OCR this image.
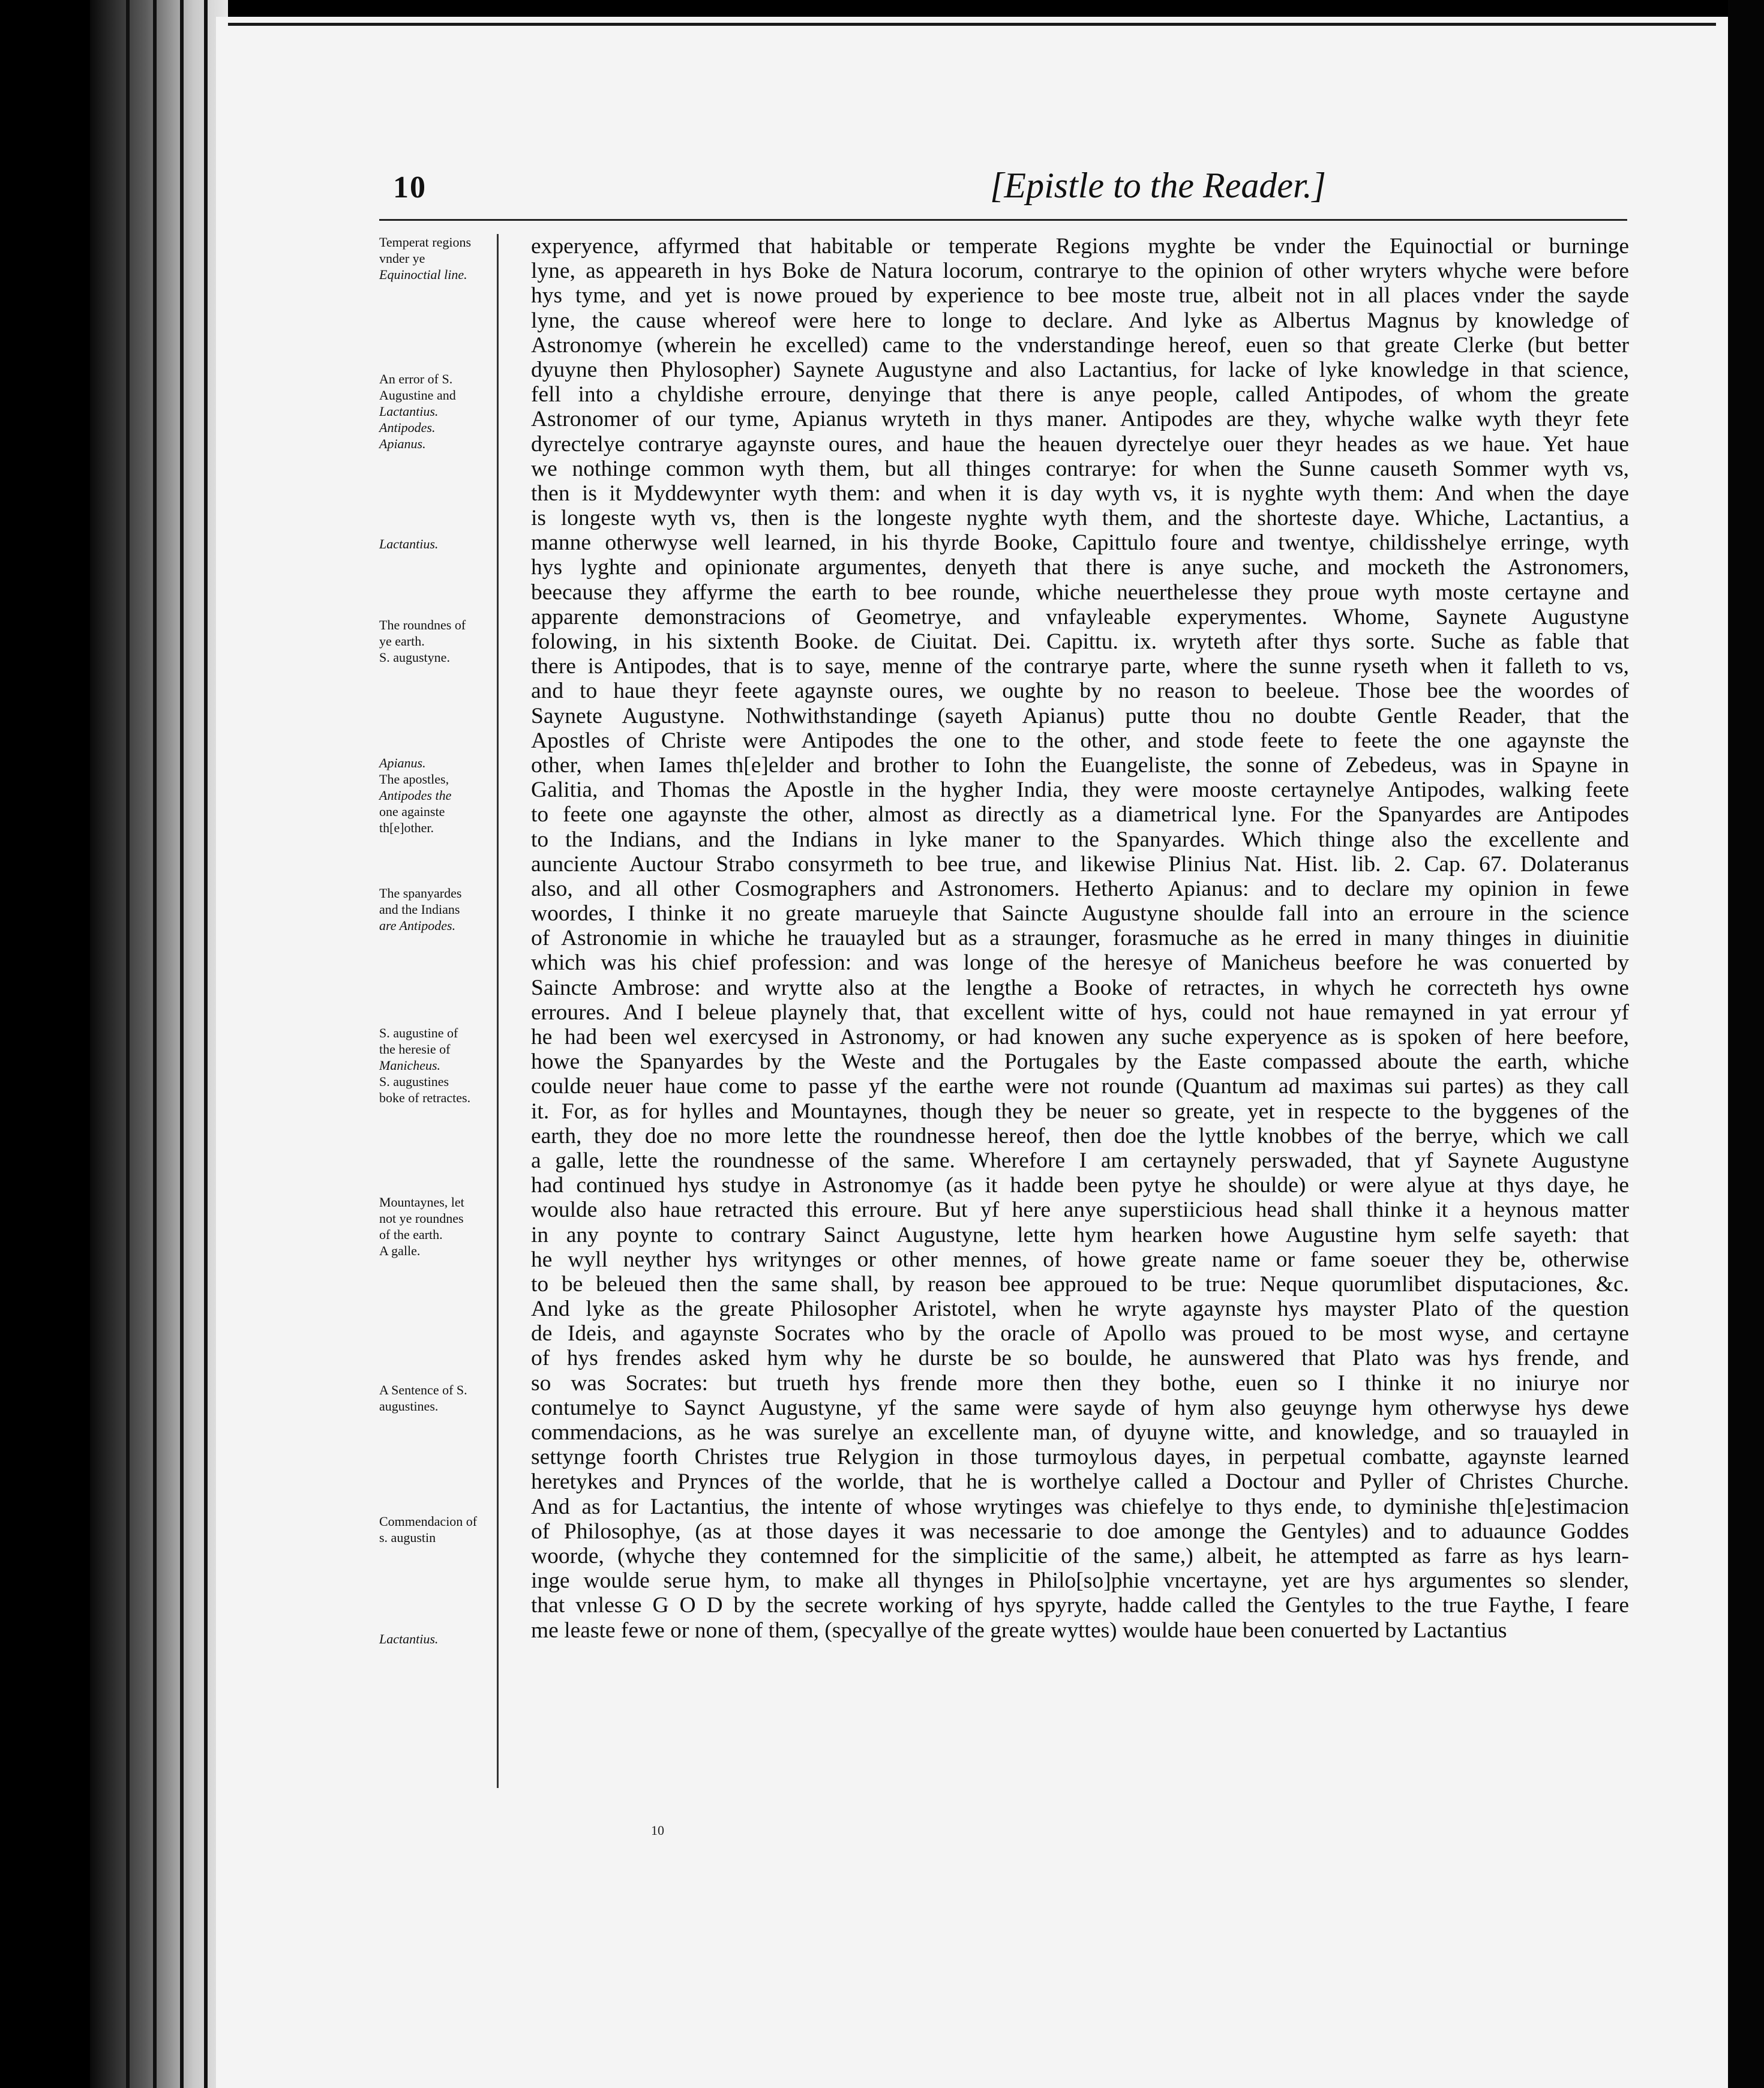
10	[Epistle to the Reader.]
Temperat regions
vnder ye
Equinoctial line.
An error of S.
Augustine and
Lactantius.
Antipodes.
Apianus.
Lactantius.
The roundnes of
ye earth.
S. augustyne.
Apianus.
The apostles,
Antipodes the
one againste
th[e]other.
The spanyardes
and the Indians
are Antipodes.
S. augustine of
the heresie of
Manicheus.
S. augustines
boke of retractes.
Mountaynes, let
not ye roundnes
of the earth.
A galle.
A Sentence of S.
augustines.
Commendacion of
s. augustin
Lactantius.
experyence, affyrmed that habitable or temperate Regions myghte be vnder the Equinoctial or burninge
lyne, as appeareth in hys Boke de Natura locorum, contrarye to the opinion of other wryters whyche were before
hys tyme, and yet is nowe proued by experience to bee moste true, albeit not in all places vnder the sayde
lyne, the cause whereof were here to longe to declare. And lyke as Albertus Magnus by knowledge of
Astronomye (wherein he excelled) came to the vnderstandinge hereof, euen so that greate Clerke (but better
dyuyne then Phylosopher) Saynete Augustyne and also Lactantius, for lacke of lyke knowledge in that science,
fell into a chyldishe erroure, denyinge that there is anye people, called Antipodes, of whom the greate
Astronomer of our tyme, Apianus wryteth in thys maner. Antipodes are they, whyche walke wyth theyr fete
dyrectelye contrarye agaynste oures, and haue the heauen dyrectelye ouer theyr heades as we haue. Yet haue
we nothinge common wyth them, but all thinges contrarye: for when the Sunne causeth Sommer wyth vs,
then is it Myddewynter wyth them: and when it is day wyth vs, it is nyghte wyth them: And when the daye
is longeste wyth vs, then is the longeste nyghte wyth them, and the shorteste daye. Whiche, Lactantius, a
manne otherwyse well learned, in his thyrde Booke, Capittulo foure and twentye, childisshelye erringe, wyth
hys lyghte and opinionate argumentes, denyeth that there is anye suche, and mocketh the Astronomers,
beecause they affyrme the earth to bee rounde, whiche neuerthelesse they proue wyth moste certayne and
apparente demonstracions of Geometrye, and vnfayleable experymentes. Whome, Saynete Augustyne
folowing, in his sixtenth Booke. de Ciuitat. Dei. Capittu. ix. wryteth after thys sorte. Suche as fable that
there is Antipodes, that is to saye, menne of the contrarye parte, where the sunne ryseth when it falleth to vs,
and to haue theyr feete agaynste oures, we oughte by no reason to beeleue. Those bee the woordes of
Saynete Augustyne. Nothwithstandinge (sayeth Apianus) putte thou no doubte Gentle Reader, that the
Apostles of Christe were Antipodes the one to the other, and stode feete to feete the one agaynste the
other, when Iames th[e]elder and brother to Iohn the Euangeliste, the sonne of Zebedeus, was in Spayne in
Galitia, and Thomas the Apostle in the hygher India, they were mooste certaynelye Antipodes, walking feete
to feete one agaynste the other, almost as directly as a diametrical lyne. For the Spanyardes are Antipodes
to the Indians, and the Indians in lyke maner to the Spanyardes. Which thinge also the excellente and
aunciente Auctour Strabo consyrmeth to bee true, and likewise Plinius Nat. Hist. lib. 2. Cap. 67. Dolateranus
also, and all other Cosmographers and Astronomers. Hetherto Apianus: and to declare my opinion in fewe
woordes, I thinke it no greate marueyle that Saincte Augustyne shoulde fall into an erroure in the science
of Astronomie in whiche he trauayled but as a straunger, forasmuche as he erred in many thinges in diuinitie
which was his chief profession: and was longe of the heresye of Manicheus beefore he was conuerted by
Saincte Ambrose: and wrytte also at the lengthe a Booke of retractes, in whych he correcteth hys owne
erroures. And I beleue playnely that, that excellent witte of hys, could not haue remayned in yat errour yf
he had been wel exercysed in Astronomy, or had knowen any suche experyence as is spoken of here beefore,
howe the Spanyardes by the Weste and the Portugales by the Easte compassed aboute the earth, whiche
coulde neuer haue come to passe yf the earthe were not rounde (Quantum ad maximas sui partes) as they call
it. For, as for hylles and Mountaynes, though they be neuer so greate, yet in respecte to the byggenes of the
earth, they doe no more lette the roundnesse hereof, then doe the lyttle knobbes of the berrye, which we call
a galle, lette the roundnesse of the same. Wherefore I am certaynely perswaded, that yf Saynete Augustyne
had continued hys studye in Astronomye (as it hadde been pytye he shoulde) or were alyue at thys daye, he
woulde also haue retracted this erroure. But yf here anye superstiicious head shall thinke it a heynous matter
in any poynte to contrary Sainct Augustyne, lette hym hearken howe Augustine hym selfe sayeth: that
he wyll neyther hys writynges or other mennes, of howe greate name or fame soeuer they be, otherwise
to be beleued then the same shall, by reason bee approued to be true: Neque quorumlibet disputaciones, &c.
And lyke as the greate Philosopher Aristotel, when he wryte agaynste hys mayster Plato of the question
de Ideis, and agaynste Socrates who by the oracle of Apollo was proued to be most wyse, and certayne
of hys frendes asked hym why he durste be so boulde, he aunswered that Plato was hys frende, and
so was Socrates: but trueth hys frende more then they bothe, euen so I thinke it no iniurye nor
contumelye to Saynct Augustyne, yf the same were sayde of hym also geuynge hym otherwyse hys dewe
commendacions, as he was surelye an excellente man, of dyuyne witte, and knowledge, and so trauayled in
settynge foorth Christes true Relygion in those turmoylous dayes, in perpetual combatte, agaynste learned
heretykes and Prynces of the worlde, that he is worthelye called a Doctour and Pyller of Christes Churche.
And as for Lactantius, the intente of whose wrytinges was chiefelye to thys ende, to dyminishe th[e]estimacion
of Philosophye, (as at those dayes it was necessarie to doe amonge the Gentyles) and to aduaunce Goddes
woorde, (whyche they contemned for the simplicitie of the same,) albeit, he attempted as farre as hys learn-
inge woulde serue hym, to make all thynges in Philo[so]phie vncertayne, yet are hys argumentes so slender,
that vnlesse G O D by the secrete working of hys spyryte, hadde called the Gentyles to the true Faythe, I feare
me leaste fewe or none of them, (specyallye of the greate wyttes) woulde haue been conuerted by Lactantius
10
